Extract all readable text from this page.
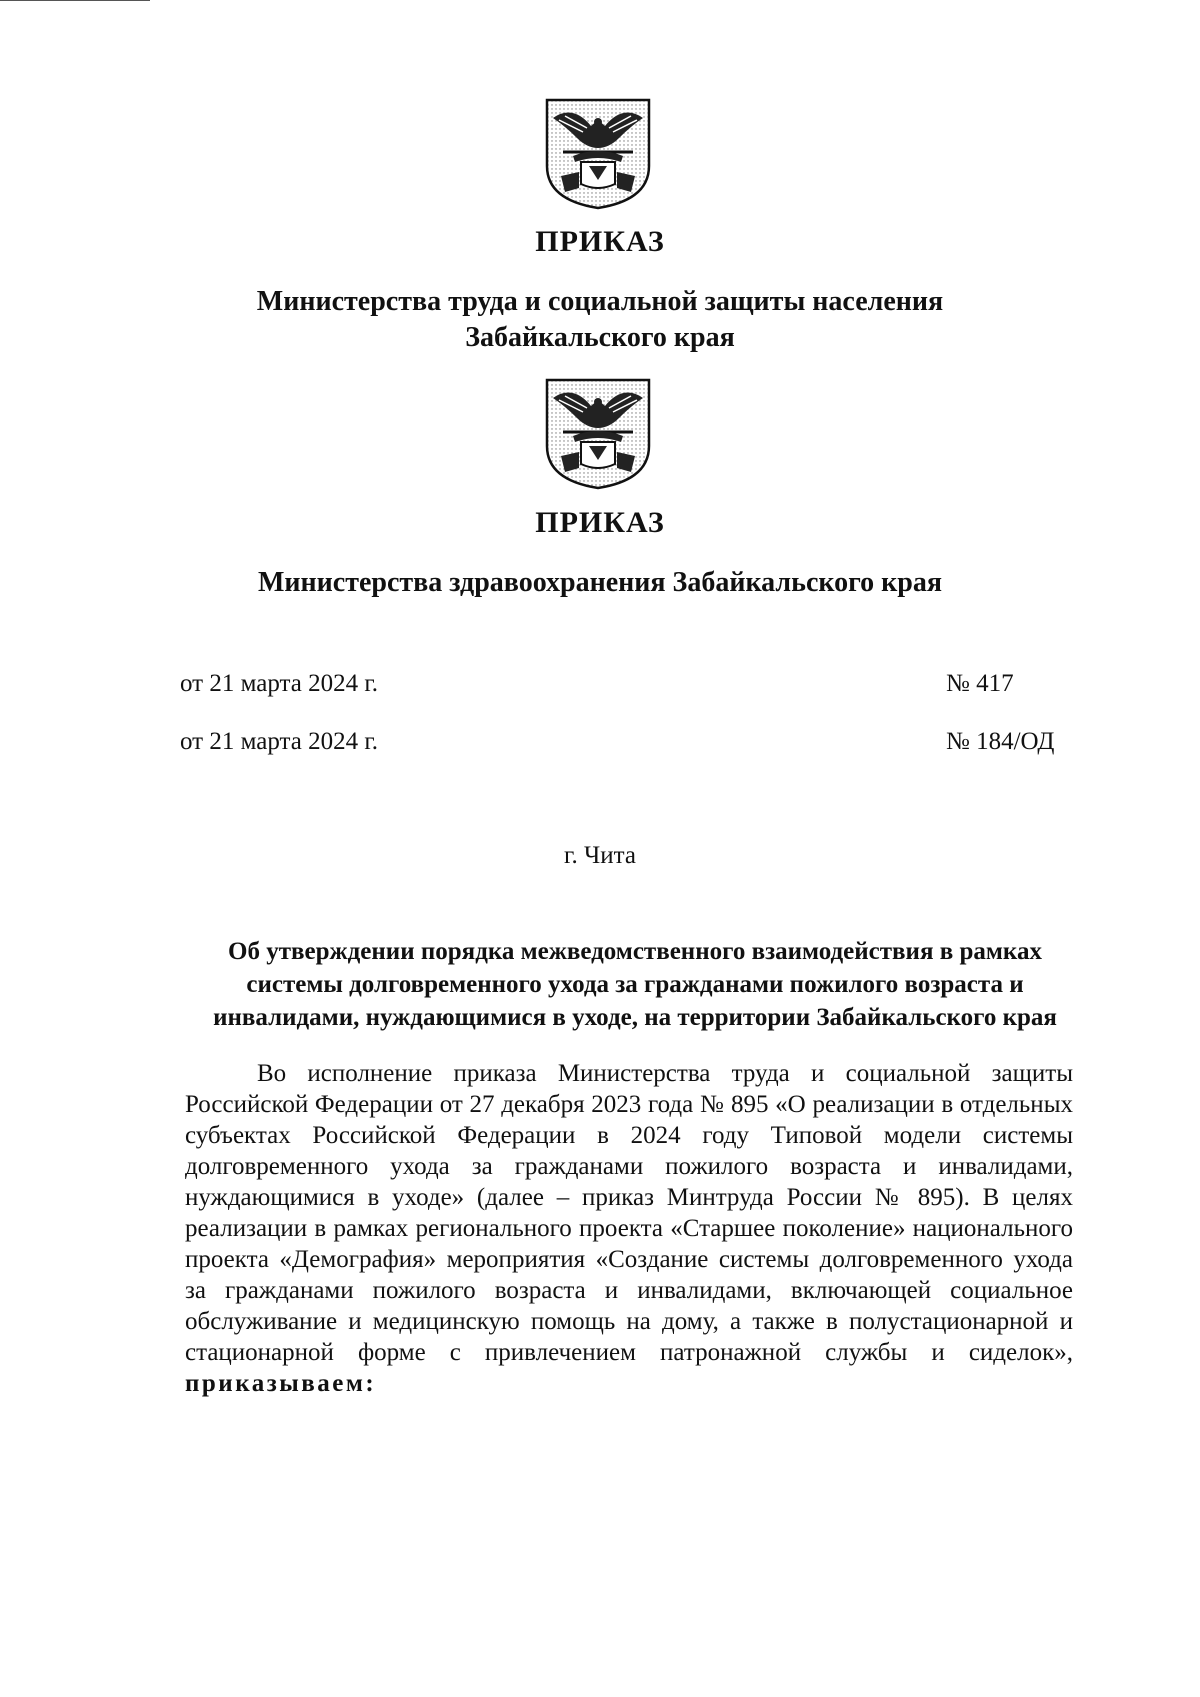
ПРИКАЗ
Министерства труда и социальной защиты населения
Забайкальского края
ПРИКАЗ
Министерства здравоохранения Забайкальского края
от 21 марта 2024 г.	№ 417
от 21 марта 2024 г.	№ 184/ОД
г. Чита
Об утверждении порядка межведомственного взаимодействия в рамках
системы долговременного ухода за гражданами пожилого возраста и
инвалидами, нуждающимися в уходе, на территории Забайкальского края
Во исполнение приказа Министерства труда и социальной защиты Российской Федерации от 27 декабря 2023 года № 895 «О реализации в отдельных субъектах Российской Федерации в 2024 году Типовой модели системы долговременного ухода за гражданами пожилого возраста и инвалидами, нуждающимися в уходе» (далее – приказ Минтруда России № 895). В целях реализации в рамках регионального проекта «Старшее поколение» национального проекта «Демография» мероприятия «Создание системы долговременного ухода за гражданами пожилого возраста и инвалидами, включающей социальное обслуживание и медицинскую помощь на дому, а также в полустационарной и стационарной форме с привлечением патронажной службы и сиделок», приказываем:
